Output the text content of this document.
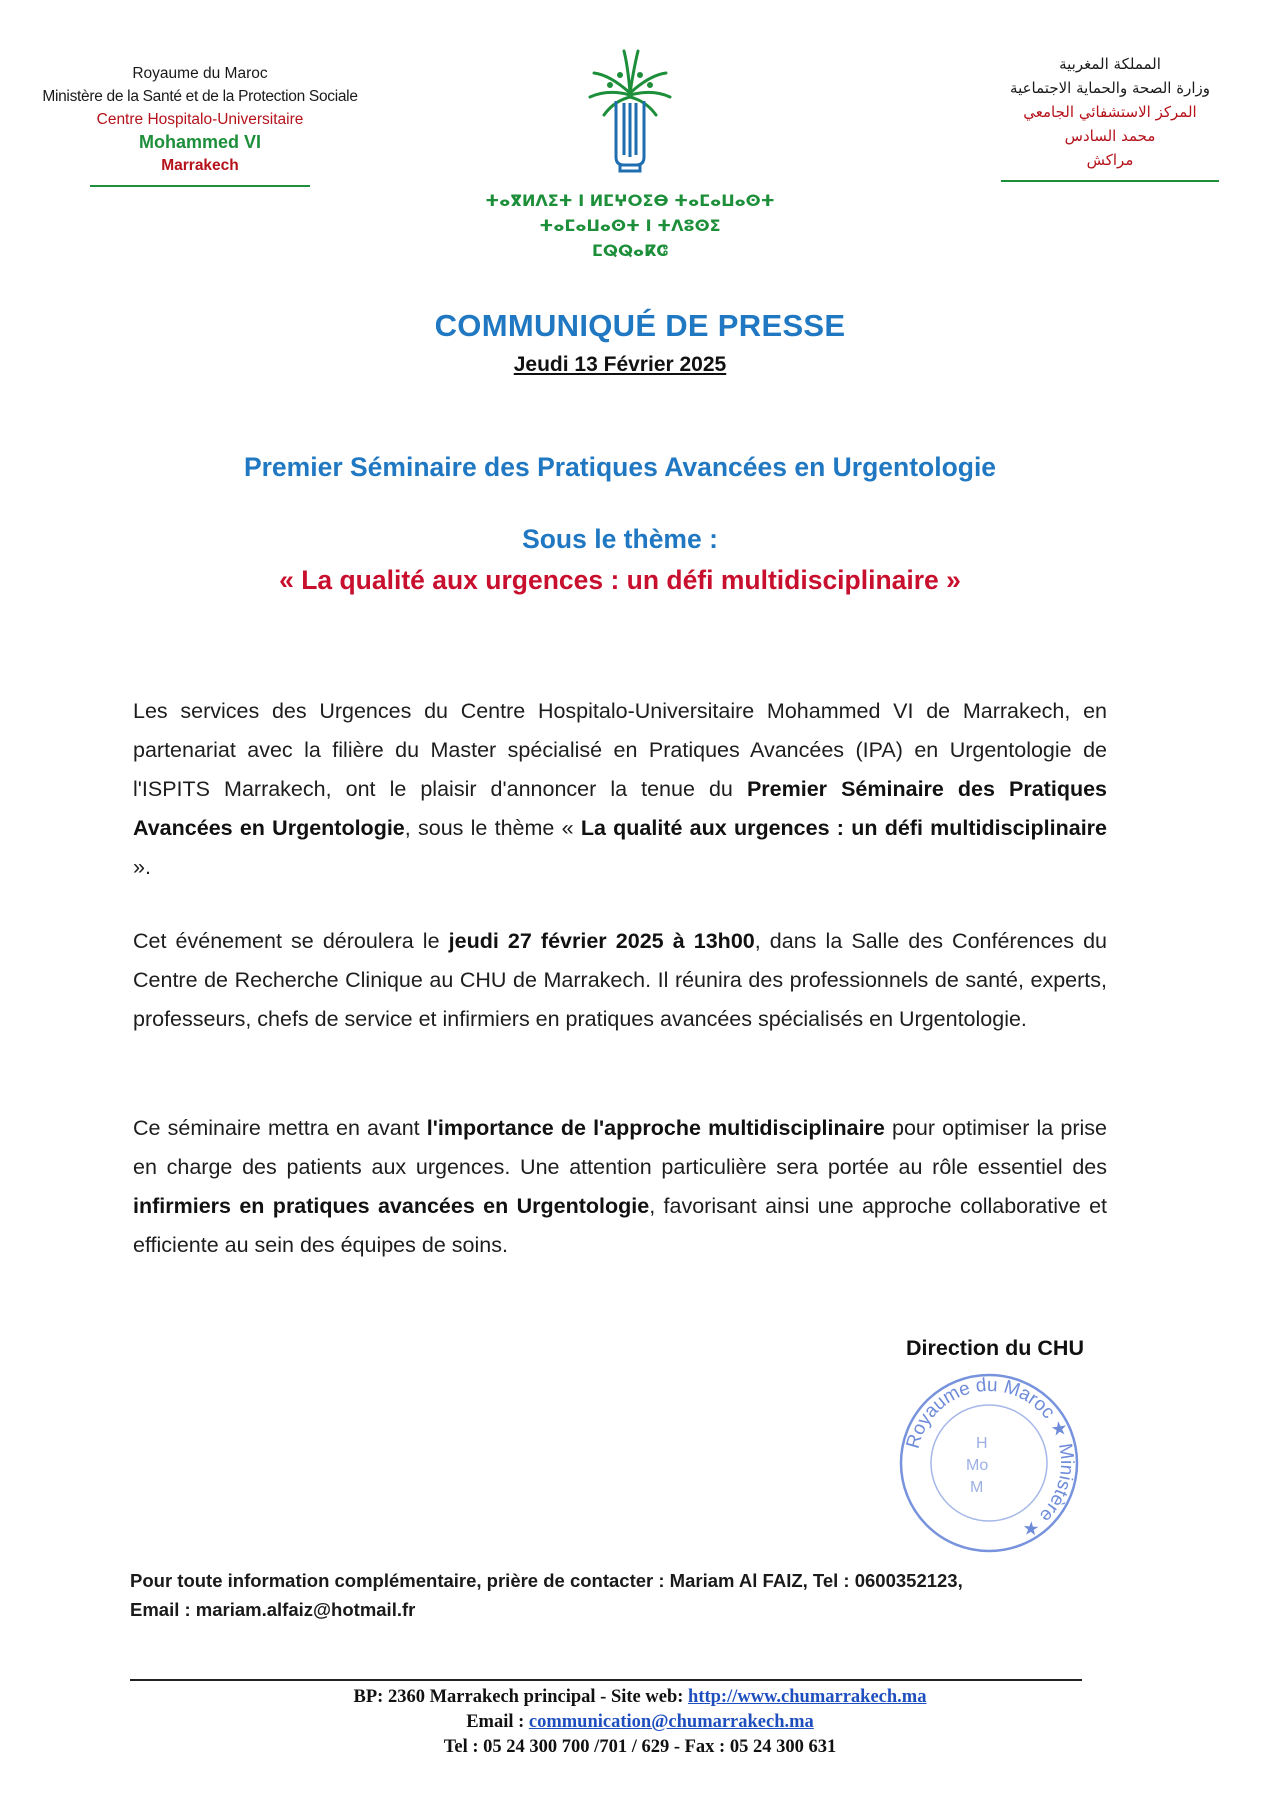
Royaume du Maroc
Ministère de la Santé et de la Protection Sociale
Centre Hospitalo-Universitaire
Mohammed VI
Marrakech
ⵜⴰⴳⵍⴷⵉⵜ ⵏ ⵍⵎⵖⵔⵉⴱ ⵜⴰⵎⴰⵡⴰⵙⵜ
ⵜⴰⵎⴰⵡⴰⵙⵜ ⵏ ⵜⴷⵓⵙⵉ
ⵎⵕⵕⴰⴽⵛ
المملكة المغربية
وزارة الصحة والحماية الاجتماعية
المركز الاستشفائي الجامعي
محمد السادس
مراكش
COMMUNIQUÉ DE PRESSE
Jeudi 13 Février 2025
Premier Séminaire des Pratiques Avancées en Urgentologie
Sous le thème :
« La qualité aux urgences : un défi multidisciplinaire »
Les services des Urgences du Centre Hospitalo-Universitaire Mohammed VI de Marrakech, en partenariat avec la filière du Master spécialisé en Pratiques Avancées (IPA) en Urgentologie de l'ISPITS Marrakech, ont le plaisir d'annoncer la tenue du Premier Séminaire des Pratiques Avancées en Urgentologie, sous le thème « La qualité aux urgences : un défi multidisciplinaire ».
Cet événement se déroulera le jeudi 27 février 2025 à 13h00, dans la Salle des Conférences du Centre de Recherche Clinique au CHU de Marrakech. Il réunira des professionnels de santé, experts, professeurs, chefs de service et infirmiers en pratiques avancées spécialisés en Urgentologie.
Ce séminaire mettra en avant l'importance de l'approche multidisciplinaire pour optimiser la prise en charge des patients aux urgences. Une attention particulière sera portée au rôle essentiel des infirmiers en pratiques avancées en Urgentologie, favorisant ainsi une approche collaborative et efficiente au sein des équipes de soins.
Direction du CHU
Royaume du Maroc ★ Ministère ★
H
Mo
M
Pour toute information complémentaire, prière de contacter : Mariam Al FAIZ, Tel : 0600352123,
Email : mariam.alfaiz@hotmail.fr
BP: 2360 Marrakech principal - Site web: http://www.chumarrakech.ma
Email : communication@chumarrakech.ma
Tel : 05 24 300 700 /701 / 629 - Fax : 05 24 300 631
